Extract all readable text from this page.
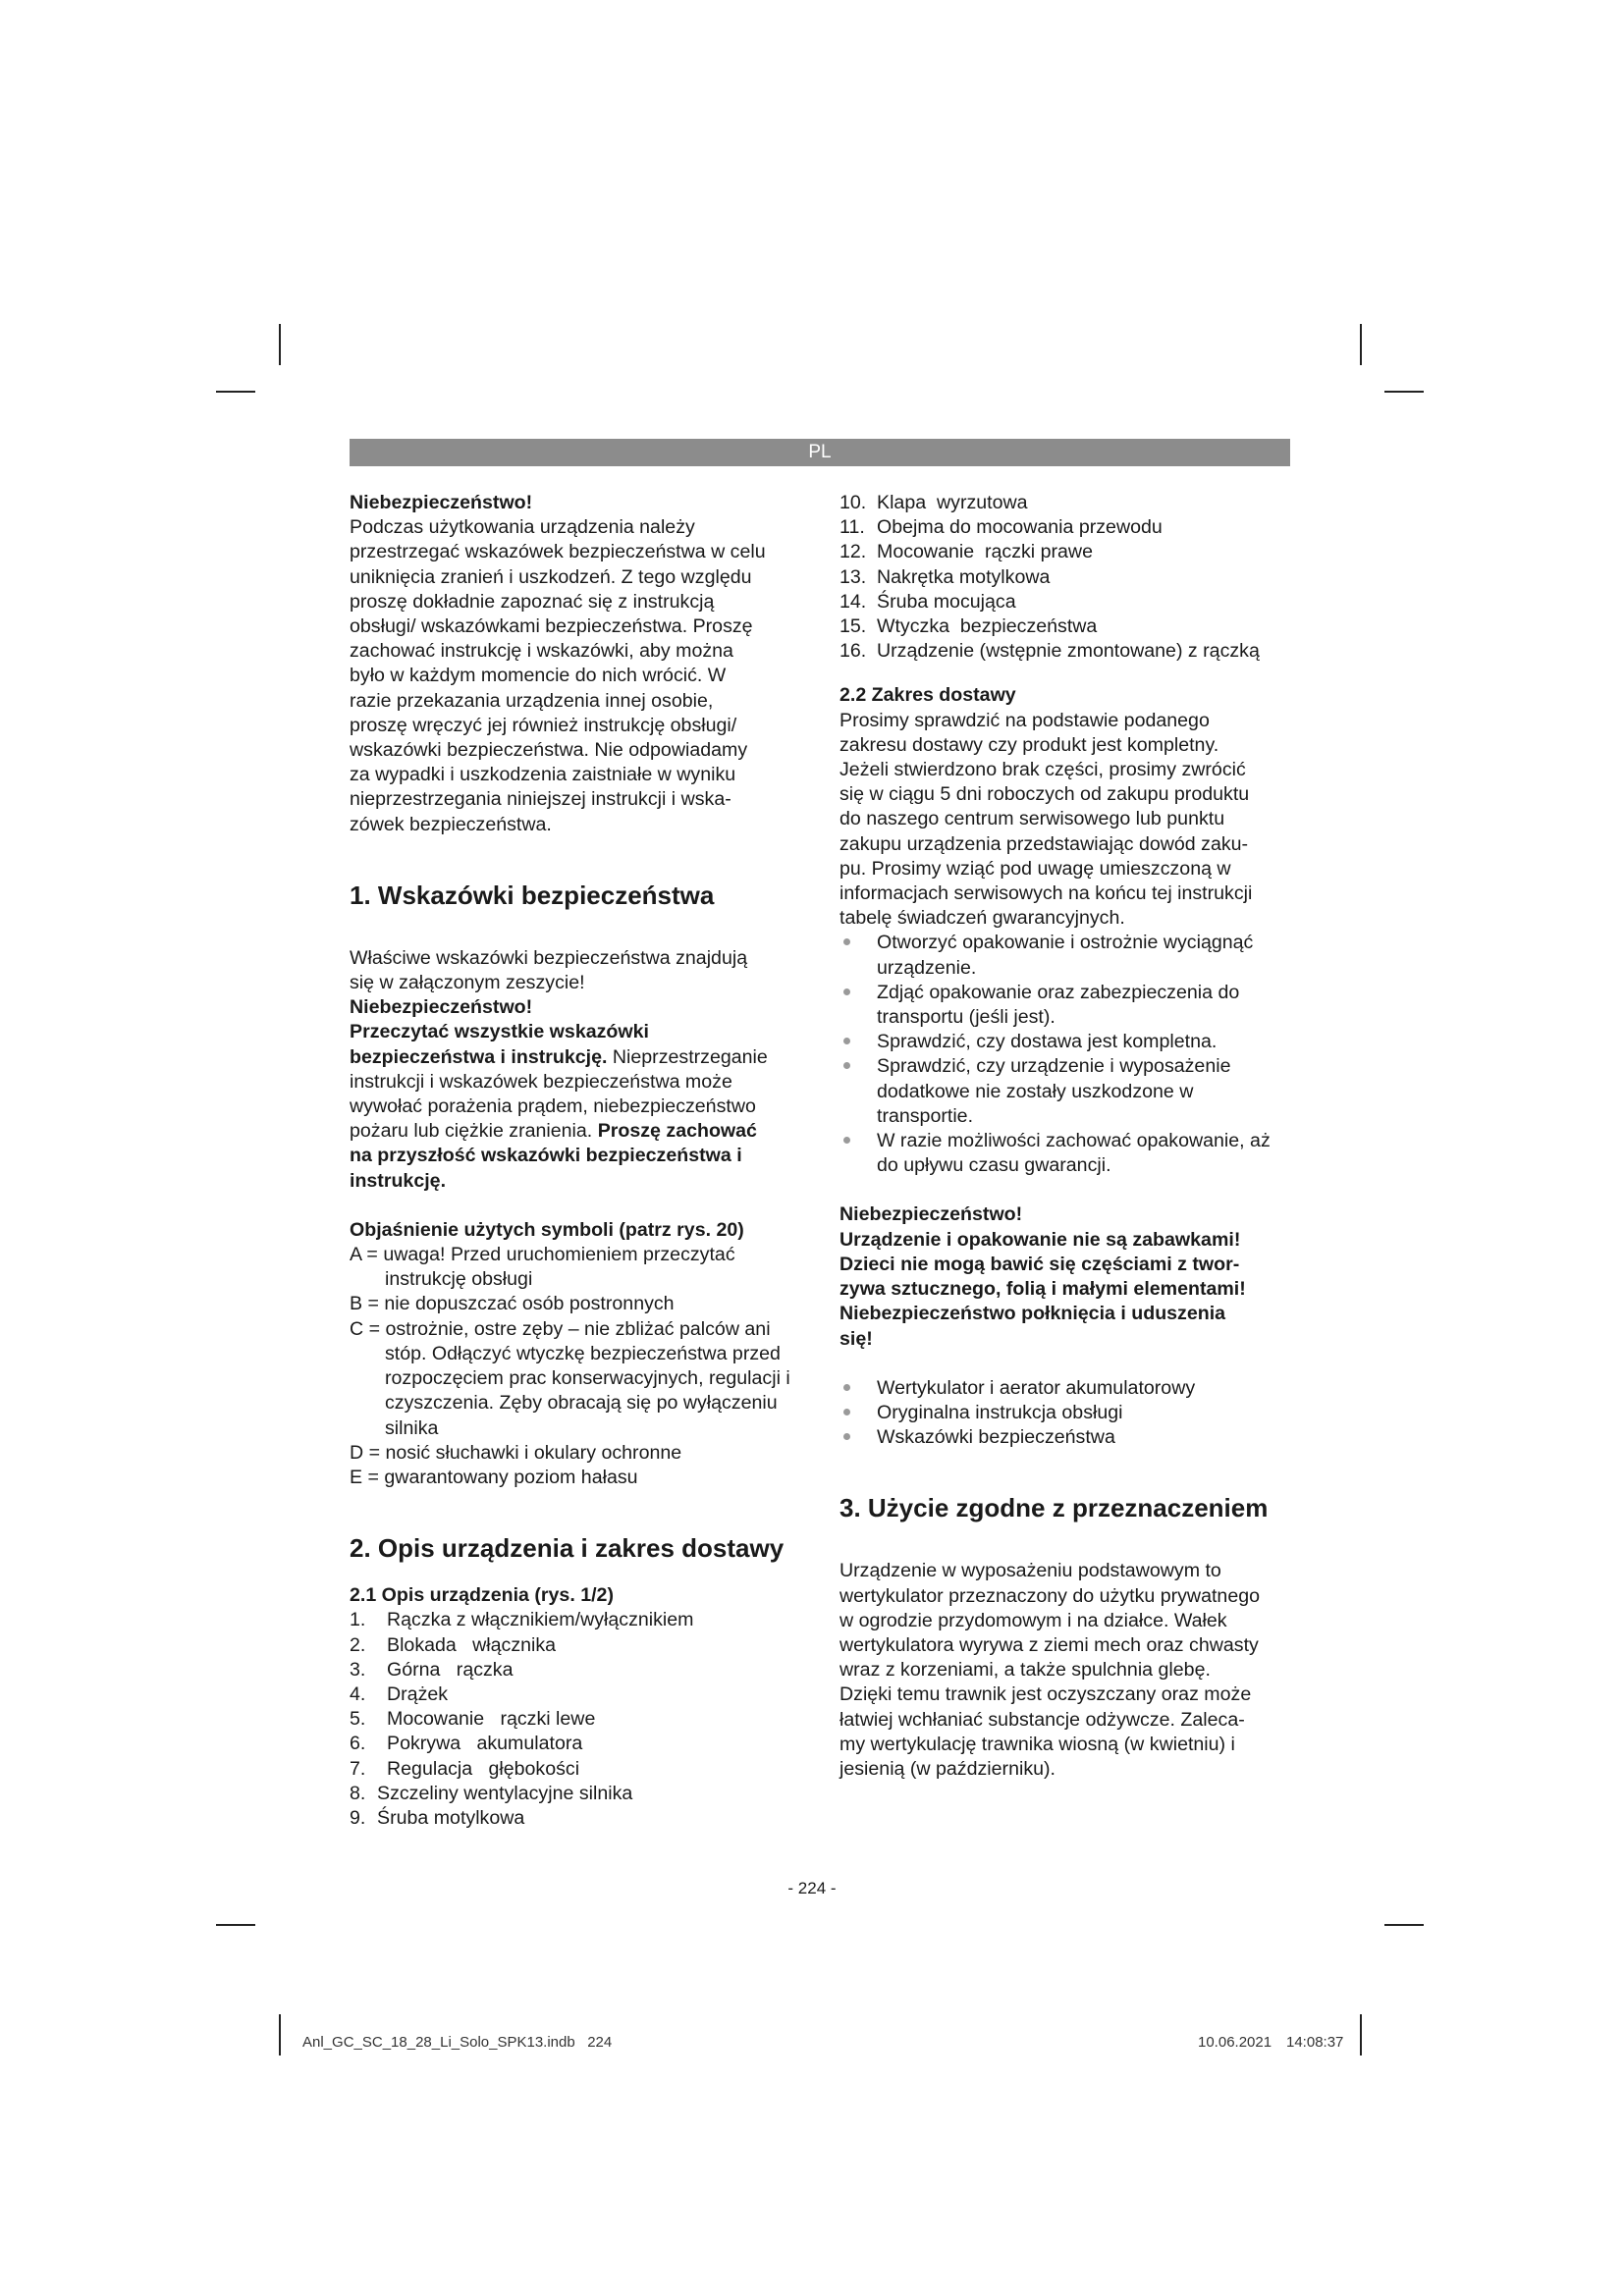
PL

Niebezpieczeństwo!

Podczas użytkowania urządzenia należy

przestrzegać wskazówek bezpieczeństwa w celu

uniknięcia zranień i uszkodzeń. Z tego względu

proszę dokładnie zapoznać się z instrukcją

obsługi/ wskazówkami bezpieczeństwa. Proszę

zachować instrukcję i wskazówki, aby można

było w każdym momencie do nich wrócić. W

razie przekazania urządzenia innej osobie,

proszę wręczyć jej również instrukcję obsługi/

wskazówki bezpieczeństwa. Nie odpowiadamy

za wypadki i uszkodzenia zaistniałe w wyniku

nieprzestrzegania niniejszej instrukcji i wska-

zówek bezpieczeństwa.

1. Wskazówki bezpieczeństwa

Właściwe wskazówki bezpieczeństwa znajdują

się w załączonym zeszycie!

Niebezpieczeństwo!

Przeczytać wszystkie wskazówki

bezpieczeństwa i instrukcję. Nieprzestrzeganie

instrukcji i wskazówek bezpieczeństwa może

wywołać porażenia prądem, niebezpieczeństwo

pożaru lub ciężkie zranienia. Proszę zachować

na przyszłość wskazówki bezpieczeństwa i

instrukcję.

Objaśnienie użytych symboli (patrz rys. 20)

A = uwaga! Przed uruchomieniem przeczytać instrukcję obsługi
B = nie dopuszczać osób postronnych
C = ostrożnie, ostre zęby – nie zbliżać palców ani stóp. Odłączyć wtyczkę bezpieczeństwa przed rozpoczęciem prac konserwacyjnych, regulacji i czyszczenia. Zęby obracają się po wyłączeniu silnika
D = nosić słuchawki i okulary ochronne
E = gwarantowany poziom hałasu
2. Opis urządzenia i zakres dostawy

2.1 Opis urządzenia (rys. 1/2)

1. Rączka z włącznikiem/wyłącznikiem
2. Blokada   włącznika
3. Górna   rączka
4. Drążek
5. Mocowanie   rączki lewe
6. Pokrywa   akumulatora
7. Regulacja   głębokości
8. Szczeliny wentylacyjne silnika
9. Śruba motylkowa
10. Klapa  wyrzutowa
11. Obejma do mocowania przewodu
12. Mocowanie  rączki prawe
13. Nakrętka motylkowa
14. Śruba mocująca
15. Wtyczka  bezpieczeństwa
16. Urządzenie (wstępnie zmontowane) z rączką

2.2 Zakres dostawy

Prosimy sprawdzić na podstawie podanego

zakresu dostawy czy produkt jest kompletny.

Jeżeli stwierdzono brak części, prosimy zwrócić

się w ciągu 5 dni roboczych od zakupu produktu

do naszego centrum serwisowego lub punktu

zakupu urządzenia przedstawiając dowód zaku-

pu. Prosimy wziąć pod uwagę umieszczoną w

informacjach serwisowych na końcu tej instrukcji

tabelę świadczeń gwarancyjnych.

Otworzyć opakowanie i ostrożnie wyciągnąć urządzenie.
Zdjąć opakowanie oraz zabezpieczenia do transportu (jeśli jest).
Sprawdzić, czy dostawa jest kompletna.
Sprawdzić, czy urządzenie i wyposażenie dodatkowe nie zostały uszkodzone w transportie.
W razie możliwości zachować opakowanie, aż do upływu czasu gwarancji.

Niebezpieczeństwo!

Urządzenie i opakowanie nie są zabawkami!

Dzieci nie mogą bawić się częściami z twor-

zywa sztucznego, folią i małymi elementami!

Niebezpieczeństwo połknięcia i uduszenia

się!

Wertykulator i aerator akumulatorowy
Oryginalna instrukcja obsługi
Wskazówki bezpieczeństwa
3. Użycie zgodne z przeznaczeniem

Urządzenie w wyposażeniu podstawowym to

wertykulator przeznaczony do użytku prywatnego

w ogrodzie przydomowym i na działce. Wałek

wertykulatora wyrywa z ziemi mech oraz chwasty

wraz z korzeniami, a także spulchnia glebę.

Dzięki temu trawnik jest oczyszczany oraz może

łatwiej wchłaniać substancje odżywcze. Zaleca-

my wertykulację trawnika wiosną (w kwietniu) i

jesienią (w październiku).

- 224 -
Anl_GC_SC_18_28_Li_Solo_SPK13.indb   224	10.06.2021 14:08:37
